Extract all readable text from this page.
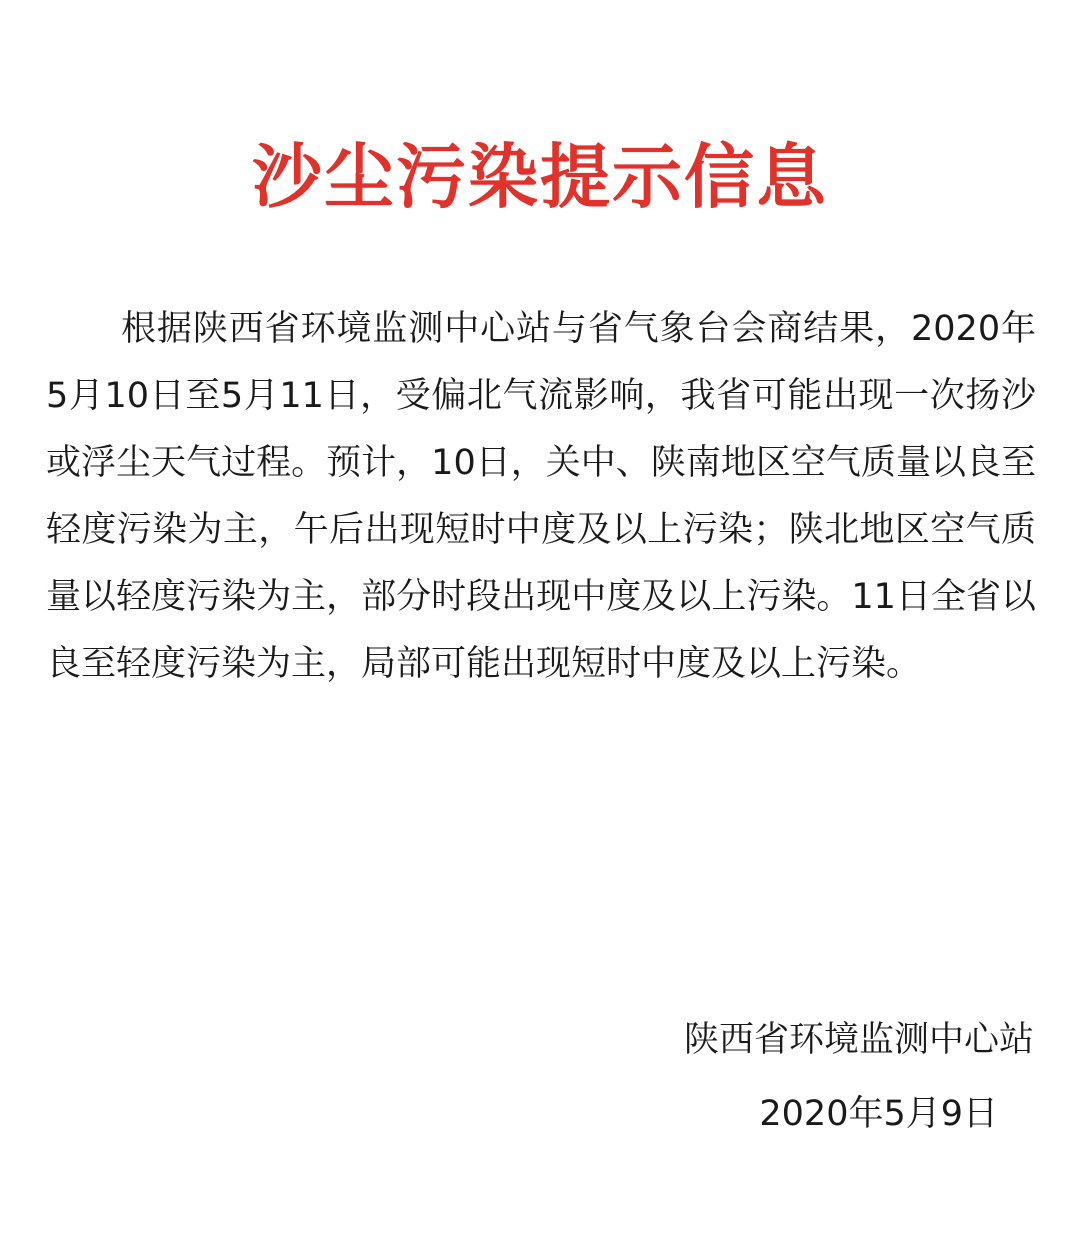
沙尘污染提示信息

根据陕西省环境监测中心站与省气象台会商结果，2020年5月10日至5月11日，受偏北气流影响，我省可能出现一次扬沙或浮尘天气过程。预计，10日，关中、陕南地区空气质量以良至轻度污染为主，午后出现短时中度及以上污染；陕北地区空气质量以轻度污染为主，部分时段出现中度及以上污染。11日全省以良至轻度污染为主，局部可能出现短时中度及以上污染。

陕西省环境监测中心站
2020年5月9日
